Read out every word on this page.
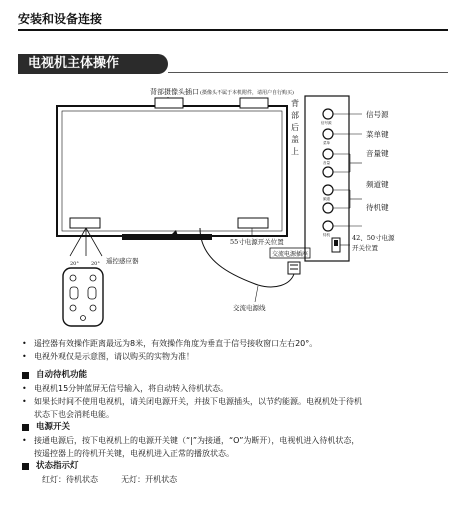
安装和设备连接
电视机主体操作
背部摄像头插口 (摄像头不属于本机附件，请用户自行购买)
20° 20° 遥控感应器
55寸电源开关位置
交流电源插座
交流电源线
背
部
后
盖
上
信号源
菜单
音量
频道
待机
信号源
菜单键
音量键
频道键
待机键
42、50寸电源
开关位置
• 遥控器有效操作距离最远为8米，有效操作角度为垂直于信号接收窗口左右20°。
• 电视外观仅是示意图，请以购买的实物为准！
自动待机功能
• 电视机15分钟蓝屏无信号输入，将自动转入待机状态。
• 如果长时间不使用电视机，请关闭电源开关，并拔下电源插头，以节约能源。电视机处于待机
状态下也会消耗电能。
电源开关
• 接通电源后，按下电视机上的电源开关键（“|”为接通，“O”为断开），电视机进入待机状态，
按遥控器上的待机开关键，电视机进入正常的播放状态。
状态指示灯
红灯：待机状态	无灯：开机状态
